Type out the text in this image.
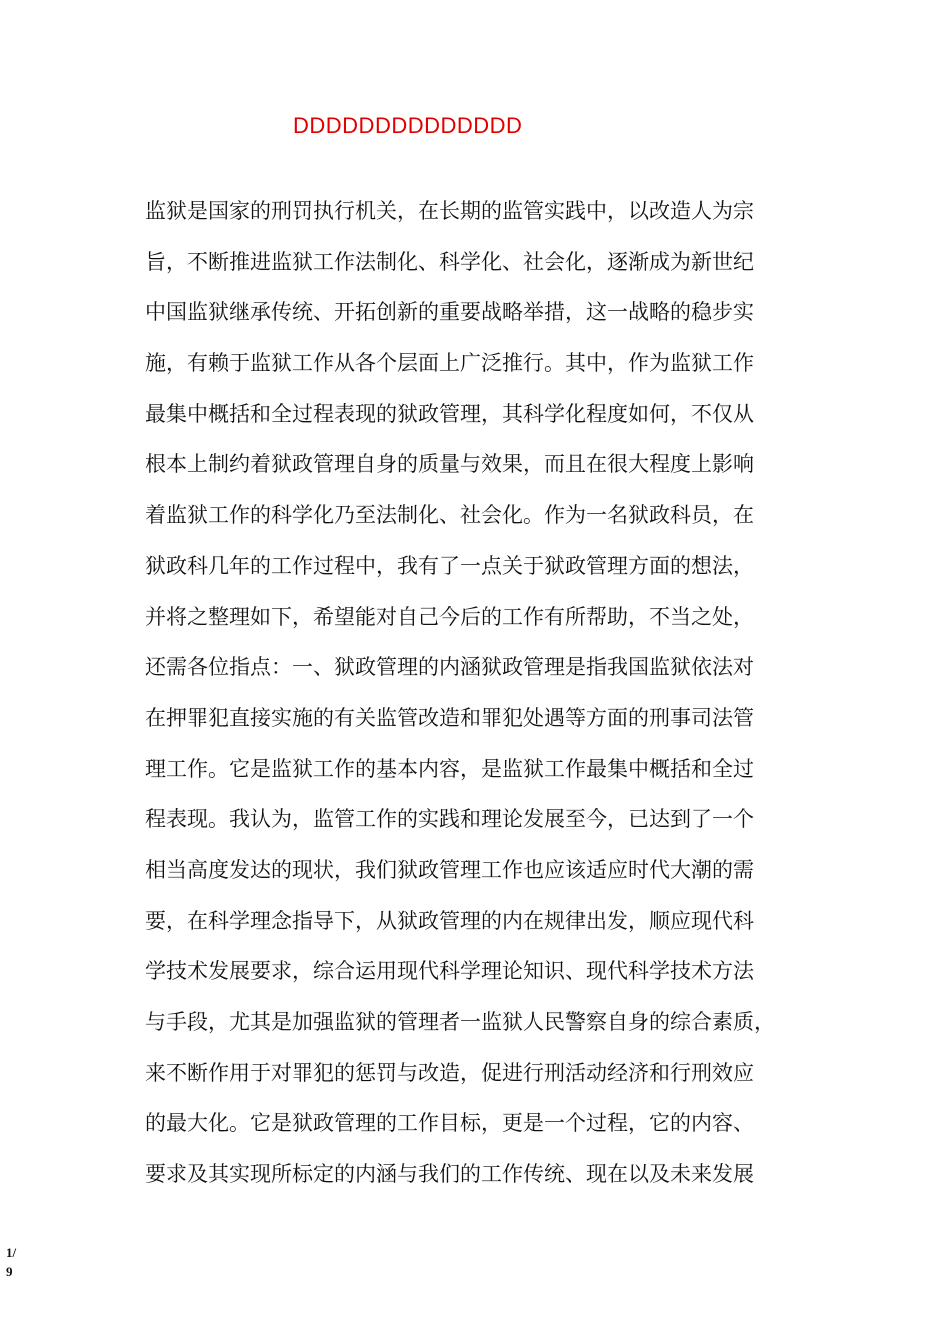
DDDDDDDDDDDDDD
监狱是国家的刑罚执行机关，在长期的监管实践中，以改造人为宗
旨，不断推进监狱工作法制化、科学化、社会化，逐渐成为新世纪
中国监狱继承传统、开拓创新的重要战略举措，这一战略的稳步实
施，有赖于监狱工作从各个层面上广泛推行。其中，作为监狱工作
最集中概括和全过程表现的狱政管理，其科学化程度如何，不仅从
根本上制约着狱政管理自身的质量与效果，而且在很大程度上影响
着监狱工作的科学化乃至法制化、社会化。作为一名狱政科员，在
狱政科几年的工作过程中，我有了一点关于狱政管理方面的想法，
并将之整理如下，希望能对自己今后的工作有所帮助，不当之处，
还需各位指点：一、狱政管理的内涵狱政管理是指我国监狱依法对
在押罪犯直接实施的有关监管改造和罪犯处遇等方面的刑事司法管
理工作。它是监狱工作的基本内容，是监狱工作最集中概括和全过
程表现。我认为，监管工作的实践和理论发展至今，已达到了一个
相当高度发达的现状，我们狱政管理工作也应该适应时代大潮的需
要，在科学理念指导下，从狱政管理的内在规律出发，顺应现代科
学技术发展要求，综合运用现代科学理论知识、现代科学技术方法
与手段，尤其是加强监狱的管理者一监狱人民警察自身的综合素质，
来不断作用于对罪犯的惩罚与改造，促进行刑活动经济和行刑效应
的最大化。它是狱政管理的工作目标，更是一个过程，它的内容、
要求及其实现所标定的内涵与我们的工作传统、现在以及未来发展
1/
9
